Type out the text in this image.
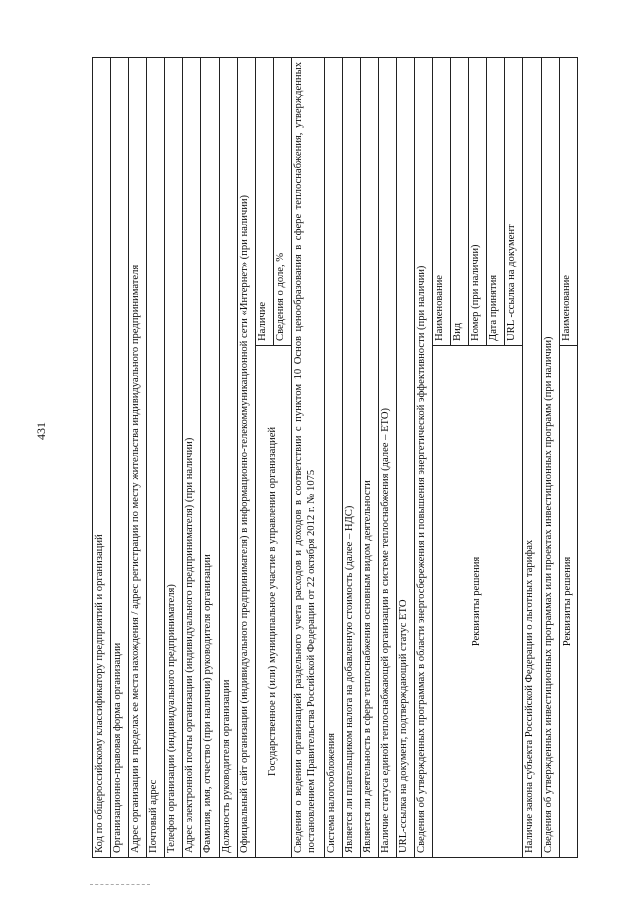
431
Код по общероссийскому классификатору предприятий и организаций	
Организационно-правовая форма организации	
Адрес организации в пределах ее места нахождения / адрес регистрации по месту жительства индивидуального предпринимателя	
Почтовый адрес	
Телефон организации (индивидуального предпринимателя)	
Адрес электронной почты организации (индивидуального предпринимателя) (при наличии)	
Фамилия, имя, отчество (при наличии) руководителя организации	
Должность руководителя организации	
Официальный сайт организации (индивидуального предпринимателя) в информационно-телекоммуникационной сети «Интернет» (при наличии)	
Государственное и (или) муниципальное участие в управлении организацией	Наличие
	Сведения о доле, %
Сведения о ведении организацией раздельного учета расходов и доходов в соответствии с пунктом 10 Основ ценообразования в сфере теплоснабжения, утвержденных постановлением Правительства Российской Федерации от 22 октября 2012 г. № 1075	
Система налогообложения	
Является ли плательщиком налога на добавленную стоимость (далее – НДС)	
Является ли деятельность в сфере теплоснабжения основным видом деятельности	
Наличие статуса единой теплоснабжающей организации в системе теплоснабжения (далее – ЕТО)	
URL-ссылка на документ, подтверждающий статус ЕТО	
Сведения об утвержденных программах в области энергосбережения и повышения энергетической эффективности (при наличии)	
Реквизиты решения	Наименование
	Вид
	Номер (при наличии)
	Дата принятия
	URL -ссылка на документ
Наличие закона субъекта Российской Федерации о льготных тарифах	
Сведения об утвержденных инвестиционных программах или проектах инвестиционных программ (при наличии)	
Реквизиты решения	Наименование
